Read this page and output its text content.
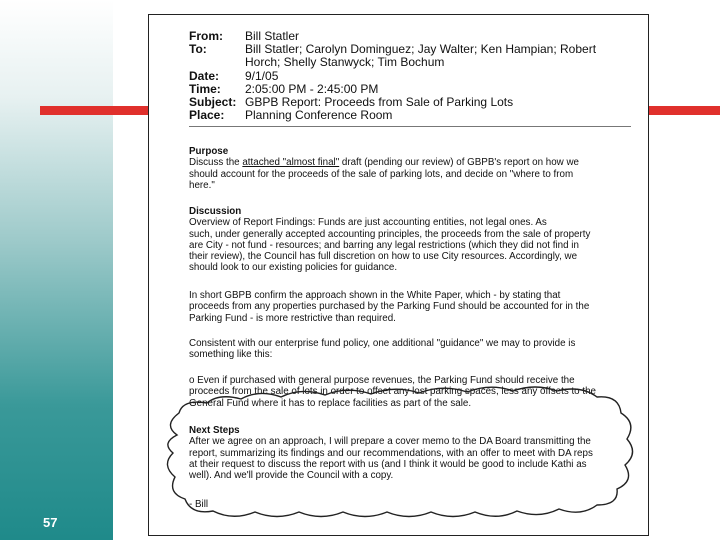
57
From:	Bill Statler
To:	Bill Statler; Carolyn Dominguez; Jay Walter; Ken Hampian; Robert
Horch; Shelly Stanwyck; Tim Bochum
Date:	9/1/05
Time:	2:05:00 PM - 2:45:00 PM
Subject: GBPB Report: Proceeds from Sale of Parking Lots
Place:	Planning Conference Room
Purpose

Discuss the attached "almost final" draft (pending our review) of GBPB's report on how we

should account for the proceeds of the sale of parking lots, and decide on "where to from

here."

Discussion

Overview of Report Findings: Funds are just accounting entities, not legal ones. As

such, under generally accepted accounting principles, the proceeds from the sale of property

are City - not fund - resources; and barring any legal restrictions (which they did not find in

their review), the Council has full discretion on how to use City resources. Accordingly, we

should look to our existing policies for guidance.

In short GBPB confirm the approach shown in the White Paper, which - by stating that

proceeds from any properties purchased by the Parking Fund should be accounted for in the

Parking Fund - is more restrictive than required.

Consistent with our enterprise fund policy, one additional "guidance" we may to provide is

something like this:

o Even if purchased with general purpose revenues, the Parking Fund should receive the

proceeds from the sale of lots in order to offset any lost parking spaces, less any offsets to the

General Fund where it has to replace facilities as part of the sale.

Next Steps

After we agree on an approach, I will prepare a cover memo to the DA Board transmitting the

report, summarizing its findings and our recommendations, with an offer to meet with DA reps

at their request to discuss the report with us (and I think it would be good to include Kathi as

well). And we'll provide the Council with a copy.

- Bill
